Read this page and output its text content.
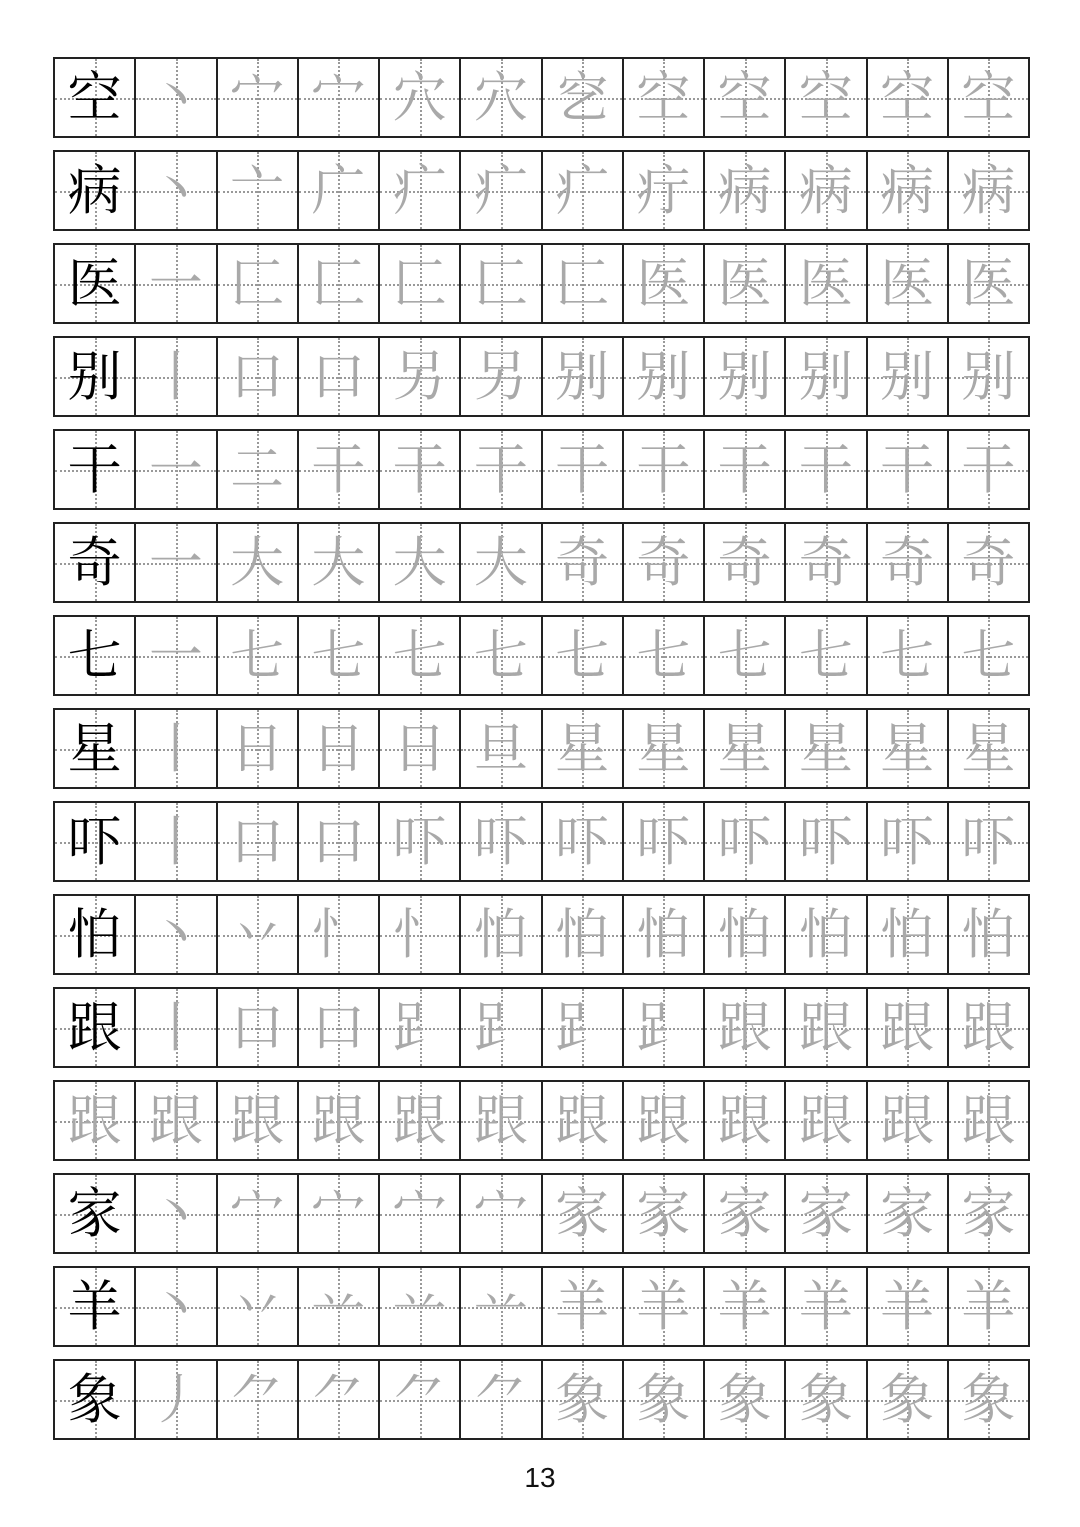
空 丶 宀 宀 穴 穴 穵 空 空 空 空 空
病 丶 亠 广 疒 疒 疒 疔 病 病 病 病
医 一 匚 匚 匚 匚 匚 医 医 医 医 医
别 丨 口 口 另 另 别 别 别 别 别 别
干 一 二 干 干 干 干 干 干 干 干 干
奇 一 大 大 大 大 奇 奇 奇 奇 奇 奇
七 一 七 七 七 七 七 七 七 七 七 七
星 丨 日 日 日 旦 星 星 星 星 星 星
吓 丨 口 口 吓 吓 吓 吓 吓 吓 吓 吓
怕 丶 丷 忄 忄 怕 怕 怕 怕 怕 怕 怕
跟 丨 口 口 𧾷 𧾷 𧾷 𧾷 跟 跟 跟 跟
跟 跟 跟 跟 跟 跟 跟 跟 跟 跟 跟 跟
家 丶 宀 宀 宀 宀 家 家 家 家 家 家
羊 丶 丷 䒑 䒑 䒑 羊 羊 羊 羊 羊 羊
象 丿 ⺈ ⺈ ⺈ ⺈ 象 象 象 象 象 象
13
